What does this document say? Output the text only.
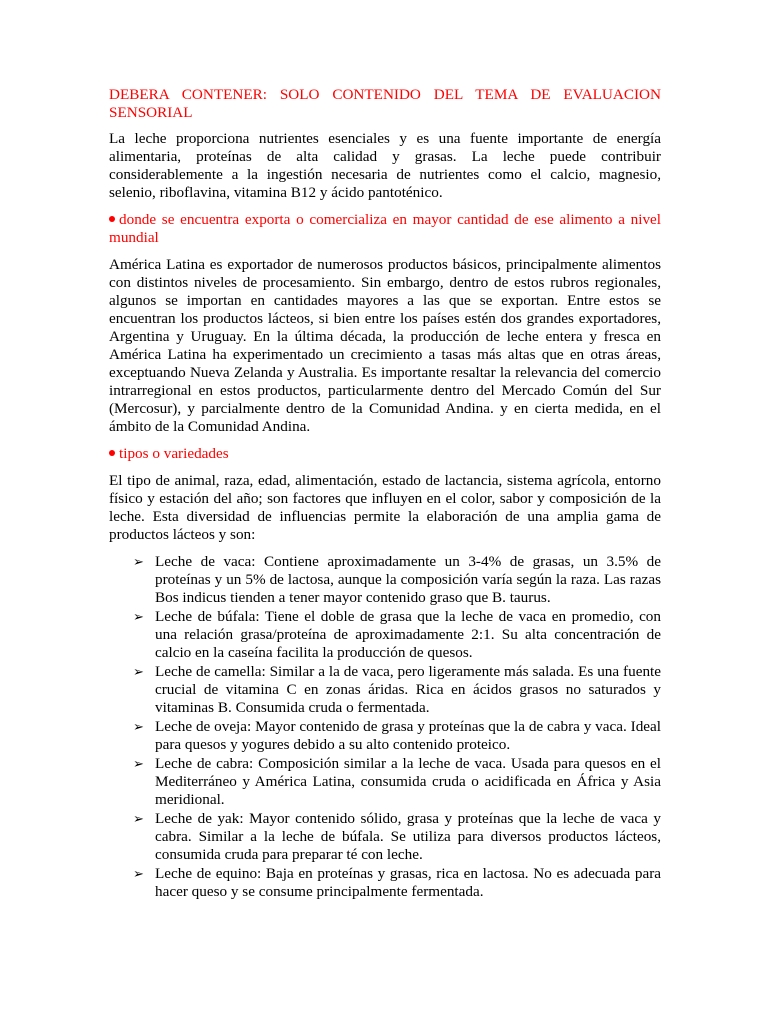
DEBERA CONTENER: SOLO CONTENIDO DEL TEMA DE EVALUACION SENSORIAL

La leche proporciona nutrientes esenciales y es una fuente importante de energía alimentaria, proteínas de alta calidad y grasas. La leche puede contribuir considerablemente a la ingestión necesaria de nutrientes como el calcio, magnesio, selenio, riboflavina, vitamina B12 y ácido pantoténico.

donde se encuentra exporta o comercializa en mayor cantidad de ese alimento a nivel mundial

América Latina es exportador de numerosos productos básicos, principalmente alimentos con distintos niveles de procesamiento. Sin embargo, dentro de estos rubros regionales, algunos se importan en cantidades mayores a las que se exportan. Entre estos se encuentran los productos lácteos, si bien entre los países estén dos grandes exportadores, Argentina y Uruguay. En la última década, la producción de leche entera y fresca en América Latina ha experimentado un crecimiento a tasas más altas que en otras áreas, exceptuando Nueva Zelanda y Australia. Es importante resaltar la relevancia del comercio intrarregional en estos productos, particularmente dentro del Mercado Común del Sur (Mercosur), y parcialmente dentro de la Comunidad Andina. y en cierta medida, en el ámbito de la Comunidad Andina.

tipos o variedades

El tipo de animal, raza, edad, alimentación, estado de lactancia, sistema agrícola, entorno físico y estación del año; son factores que influyen en el color, sabor y composición de la leche. Esta diversidad de influencias permite la elaboración de una amplia gama de productos lácteos y son:

➢ Leche de vaca: Contiene aproximadamente un 3-4% de grasas, un 3.5% de proteínas y un 5% de lactosa, aunque la composición varía según la raza. Las razas Bos indicus tienden a tener mayor contenido graso que B. taurus.
➢ Leche de búfala: Tiene el doble de grasa que la leche de vaca en promedio, con una relación grasa/proteína de aproximadamente 2:1. Su alta concentración de calcio en la caseína facilita la producción de quesos.
➢ Leche de camella: Similar a la de vaca, pero ligeramente más salada. Es una fuente crucial de vitamina C en zonas áridas. Rica en ácidos grasos no saturados y vitaminas B. Consumida cruda o fermentada.
➢ Leche de oveja: Mayor contenido de grasa y proteínas que la de cabra y vaca. Ideal para quesos y yogures debido a su alto contenido proteico.
➢ Leche de cabra: Composición similar a la leche de vaca. Usada para quesos en el Mediterráneo y América Latina, consumida cruda o acidificada en África y Asia meridional.
➢ Leche de yak: Mayor contenido sólido, grasa y proteínas que la leche de vaca y cabra. Similar a la leche de búfala. Se utiliza para diversos productos lácteos, consumida cruda para preparar té con leche.
➢ Leche de equino: Baja en proteínas y grasas, rica en lactosa. No es adecuada para hacer queso y se consume principalmente fermentada.
